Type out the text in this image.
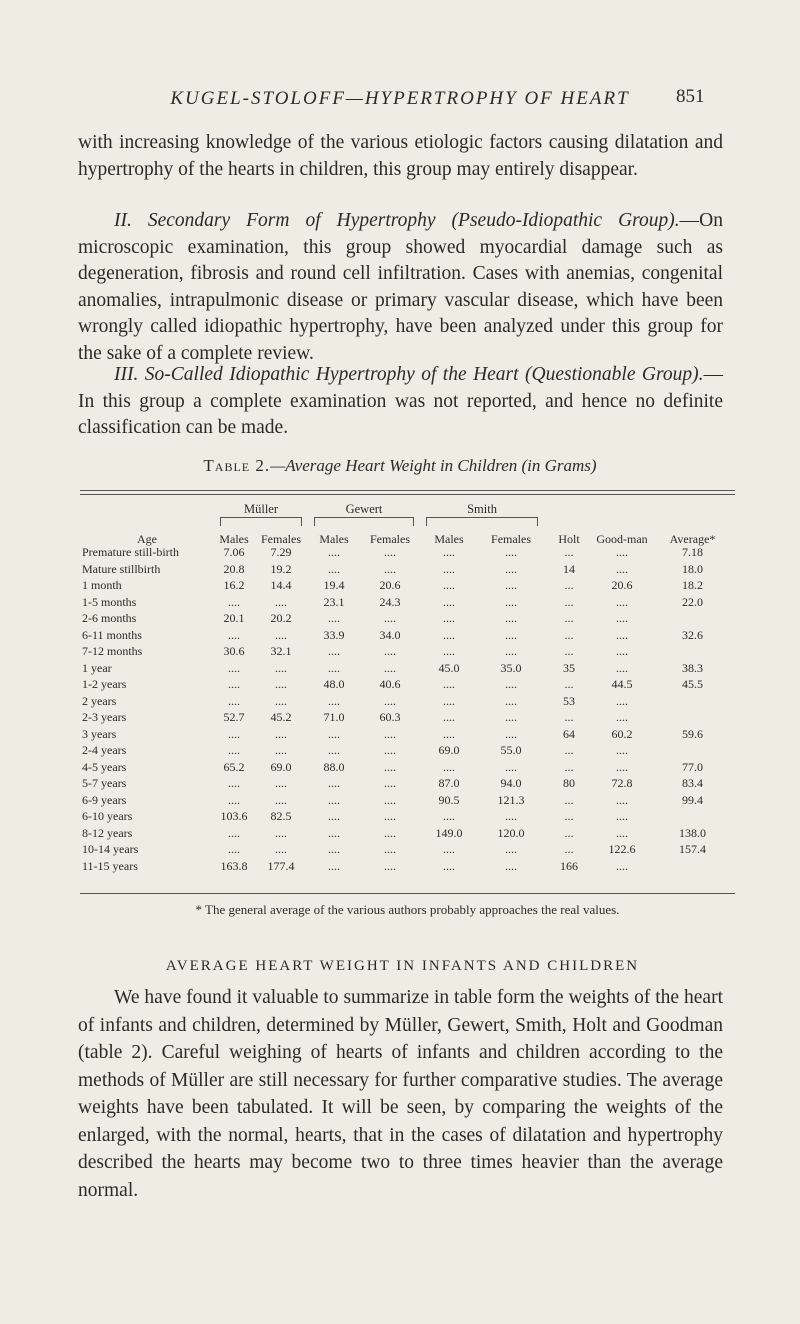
KUGEL-STOLOFF—HYPERTROPHY OF HEART	851

with increasing knowledge of the various etiologic factors causing dilatation and hypertrophy of the hearts in children, this group may entirely disappear.

II. Secondary Form of Hypertrophy (Pseudo-Idiopathic Group).—On microscopic examination, this group showed myocardial damage such as degeneration, fibrosis and round cell infiltration. Cases with anemias, congenital anomalies, intrapulmonic disease or primary vascular disease, which have been wrongly called idiopathic hypertrophy, have been analyzed under this group for the sake of a complete review.

III. So-Called Idiopathic Hypertrophy of the Heart (Questionable Group).—In this group a complete examination was not reported, and hence no definite classification can be made.

Table 2.—Average Heart Weight in Children (in Grams)
	Müller		Gewert		Smith	

Age	Males	Females	Males	Females	Males	Females	Holt	Good-man	Average*
Premature still-birth	7.06	7.29	....	....	....	....	...	....	7.18
Mature stillbirth	20.8	19.2	....	....	....	....	14	....	18.0
1 month	16.2	14.4	19.4	20.6	....	....	...	20.6	18.2
1-5 months	....	....	23.1	24.3	....	....	...	....	22.0
2-6 months	20.1	20.2	....	....	....	....	...	....	
6-11 months	....	....	33.9	34.0	....	....	...	....	32.6
7-12 months	30.6	32.1	....	....	....	....	...	....	
1 year	....	....	....	....	45.0	35.0	35	....	38.3
1-2 years	....	....	48.0	40.6	....	....	...	44.5	45.5
2 years	....	....	....	....	....	....	53	....	
2-3 years	52.7	45.2	71.0	60.3	....	....	...	....	
3 years	....	....	....	....	....	....	64	60.2	59.6
2-4 years	....	....	....	....	69.0	55.0	...	....	
4-5 years	65.2	69.0	88.0	....	....	....	...	....	77.0
5-7 years	....	....	....	....	87.0	94.0	80	72.8	83.4
6-9 years	....	....	....	....	90.5	121.3	...	....	99.4
6-10 years	103.6	82.5	....	....	....	....	...	....	
8-12 years	....	....	....	....	149.0	120.0	...	....	138.0
10-14 years	....	....	....	....	....	....	...	122.6	157.4
11-15 years	163.8	177.4	....	....	....	....	166	....	
* The general average of the various authors probably approaches the real values.
AVERAGE HEART WEIGHT IN INFANTS AND CHILDREN

We have found it valuable to summarize in table form the weights of the heart of infants and children, determined by Müller, Gewert, Smith, Holt and Goodman (table 2). Careful weighing of hearts of infants and children according to the methods of Müller are still necessary for further comparative studies. The average weights have been tabulated. It will be seen, by comparing the weights of the enlarged, with the normal, hearts, that in the cases of dilatation and hypertrophy described the hearts may become two to three times heavier than the average normal.
